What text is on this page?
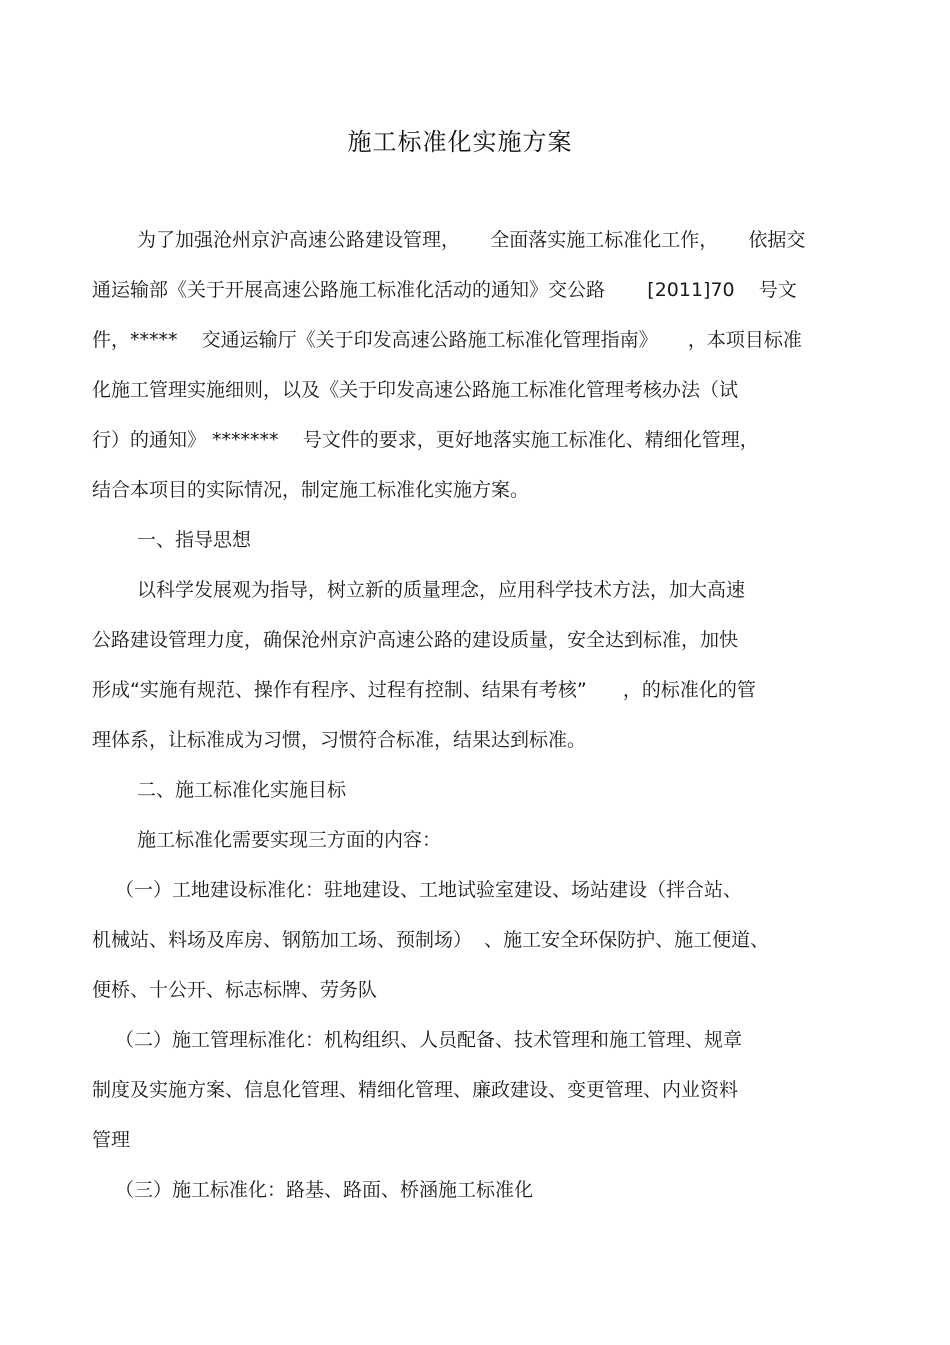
施工标准化实施方案
为了加强沧州京沪高速公路建设管理，     全面落实施工标准化工作，     依据交
通运输部《关于开展高速公路施工标准化活动的通知》交公路       [2011]70    号文
件，*****    交通运输厅《关于印发高速公路施工标准化管理指南》     ，本项目标准
化施工管理实施细则，以及《关于印发高速公路施工标准化管理考核办法（试
行）的通知》 *******    号文件的要求，更好地落实施工标准化、精细化管理，
结合本项目的实际情况，制定施工标准化实施方案。
一、指导思想
以科学发展观为指导，树立新的质量理念，应用科学技术方法，加大高速
公路建设管理力度，确保沧州京沪高速公路的建设质量，安全达到标准，加快
形成“实施有规范、操作有程序、过程有控制、结果有考核”      ，的标准化的管
理体系，让标准成为习惯，习惯符合标准，结果达到标准。
二、施工标准化实施目标
施工标准化需要实现三方面的内容：
（一）工地建设标准化：驻地建设、工地试验室建设、场站建设（拌合站、
机械站、料场及库房、钢筋加工场、预制场）  、施工安全环保防护、施工便道、
便桥、十公开、标志标牌、劳务队
（二）施工管理标准化：机构组织、人员配备、技术管理和施工管理、规章
制度及实施方案、信息化管理、精细化管理、廉政建设、变更管理、内业资料
管理
（三）施工标准化：路基、路面、桥涵施工标准化
